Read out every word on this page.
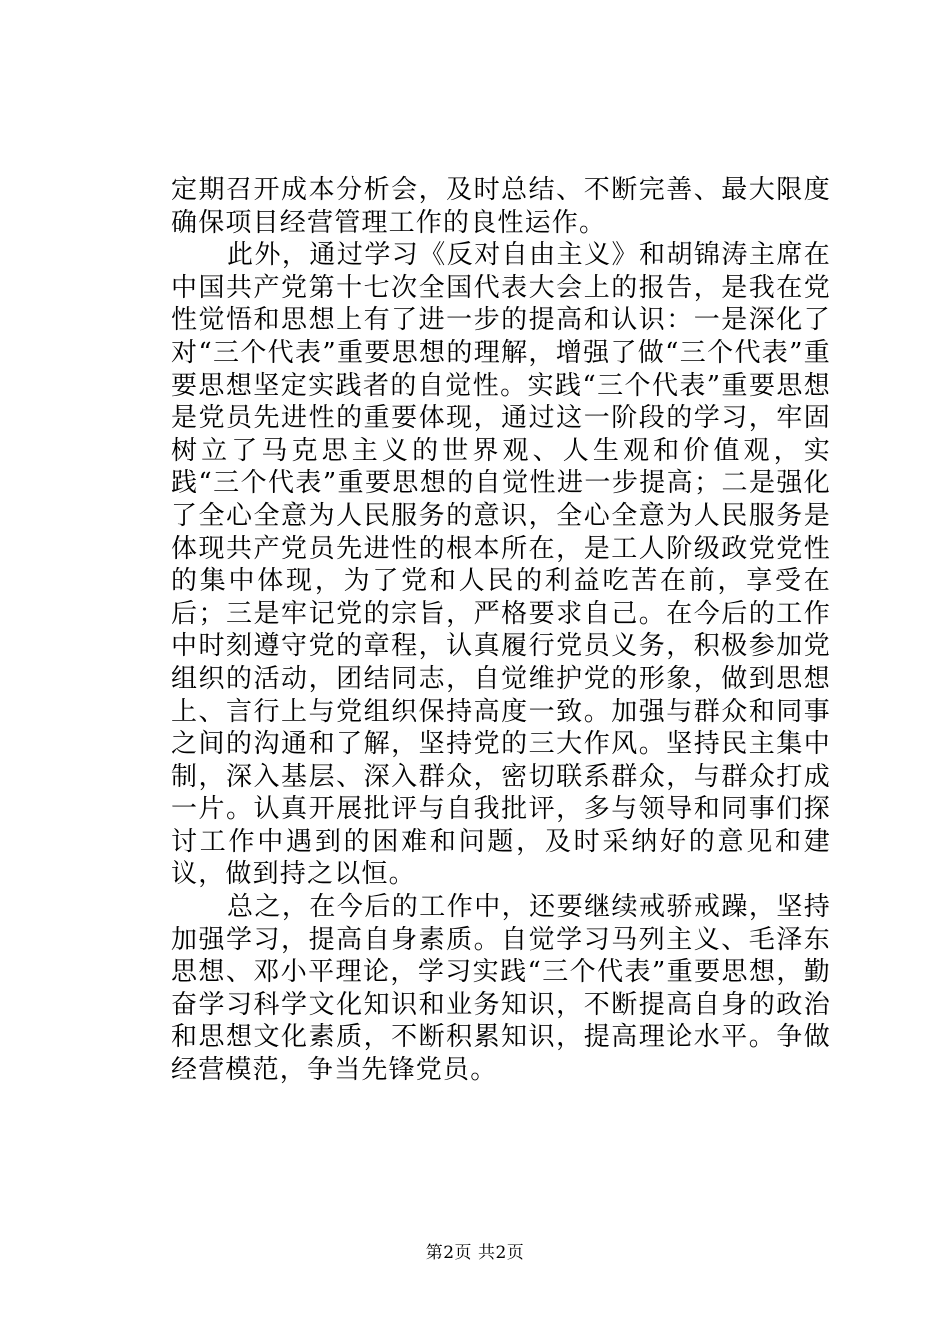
定期召开成本分析会，及时总结、不断完善、最大限度确保项目经营管理工作的良性运作。

此外，通过学习《反对自由主义》和胡锦涛主席在中国共产党第十七次全国代表大会上的报告，是我在党性觉悟和思想上有了进一步的提高和认识：一是深化了对“三个代表”重要思想的理解，增强了做“三个代表”重要思想坚定实践者的自觉性。实践“三个代表”重要思想是党员先进性的重要体现，通过这一阶段的学习，牢固树立了马克思主义的世界观、人生观和价值观，实践“三个代表”重要思想的自觉性进一步提高；二是强化了全心全意为人民服务的意识，全心全意为人民服务是体现共产党员先进性的根本所在，是工人阶级政党党性的集中体现，为了党和人民的利益吃苦在前，享受在后；三是牢记党的宗旨，严格要求自己。在今后的工作中时刻遵守党的章程，认真履行党员义务，积极参加党组织的活动，团结同志，自觉维护党的形象，做到思想上、言行上与党组织保持高度一致。加强与群众和同事之间的沟通和了解，坚持党的三大作风。坚持民主集中制，深入基层、深入群众，密切联系群众，与群众打成一片。认真开展批评与自我批评，多与领导和同事们探讨工作中遇到的困难和问题，及时采纳好的意见和建议，做到持之以恒。

总之，在今后的工作中，还要继续戒骄戒躁，坚持加强学习，提高自身素质。自觉学习马列主义、毛泽东思想、邓小平理论，学习实践“三个代表”重要思想，勤奋学习科学文化知识和业务知识，不断提高自身的政治和思想文化素质，不断积累知识，提高理论水平。争做经营模范，争当先锋党员。

第2页 共2页
